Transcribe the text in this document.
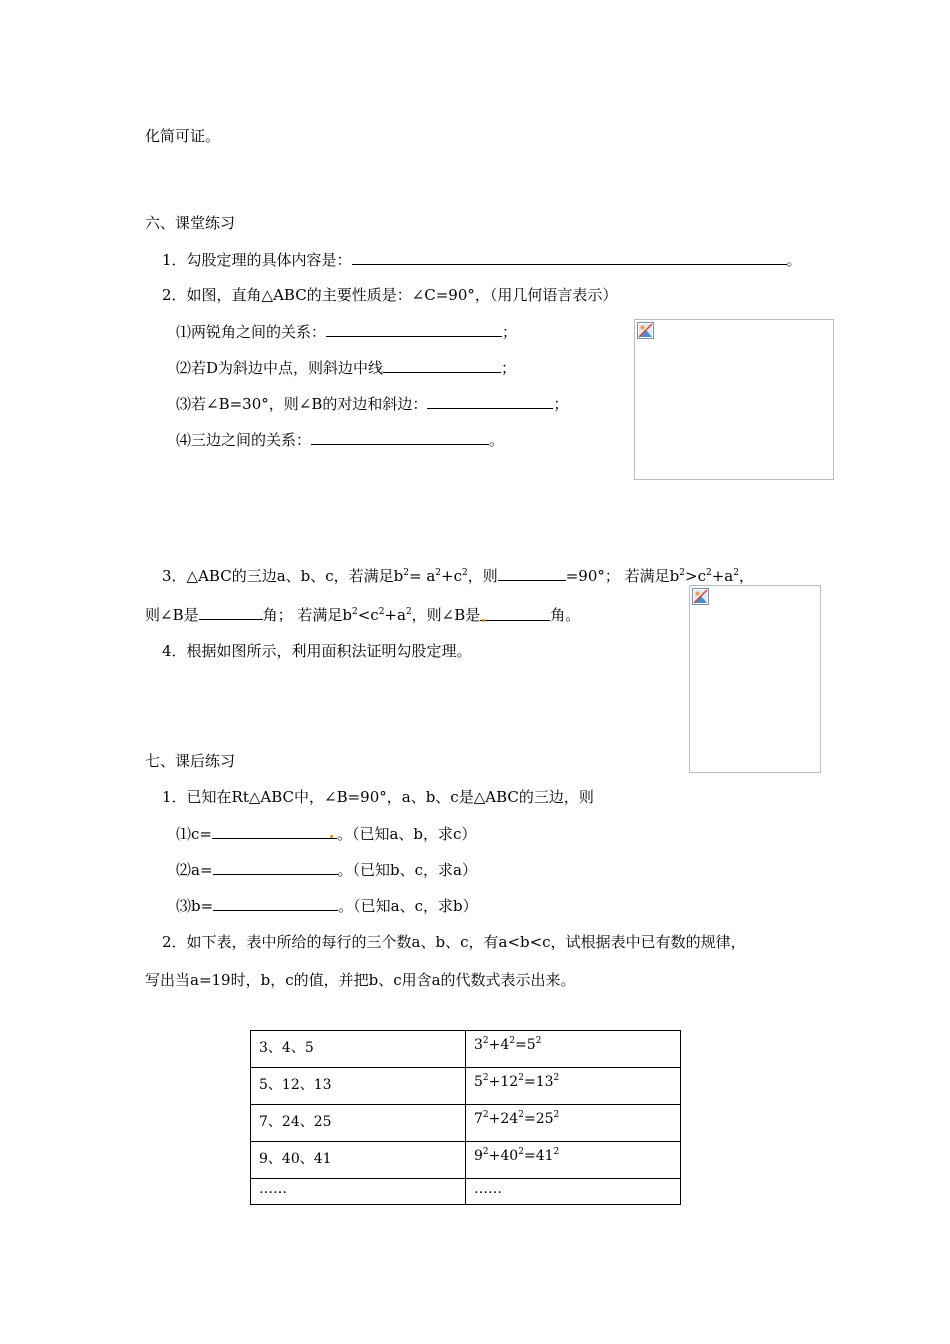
化简可证。
六、课堂练习
1．勾股定理的具体内容是：	。
2．如图，直角△ABC的主要性质是：∠C=90°，（用几何语言表示）
⑴两锐角之间的关系：	；
⑵若D为斜边中点，则斜边中线	；
⑶若∠B=30°，则∠B的对边和斜边：	；
⑷三边之间的关系：	。
3．△ABC的三边a、b、c，若满足$b^2= a^2+c^2$，则	=90°； 若满足$b^2>c^2+a^2$，
则∠B是	角； 若满足$b^2<c^2+a^2$，则∠B是	角。
4．根据如图所示，利用面积法证明勾股定理。
七、课后练习
1．已知在Rt△ABC中，∠B=90°，a、b、c是△ABC的三边，则
⑴c=	。（已知a、b，求c）
⑵a=	。（已知b、c，求a）
⑶b=	。（已知a、c，求b）
2．如下表，表中所给的每行的三个数a、b、c，有a<b<c，试根据表中已有数的规律，
写出当a=19时，b，c的值，并把b、c用含a的代数式表示出来。
3、4、5	$3^2+4^2=5^2$
5、12、13	$5^2+12^2=13^2$
7、24、25	$7^2+24^2=25^2$
9、40、41	$9^2+40^2=41^2$
……	……
